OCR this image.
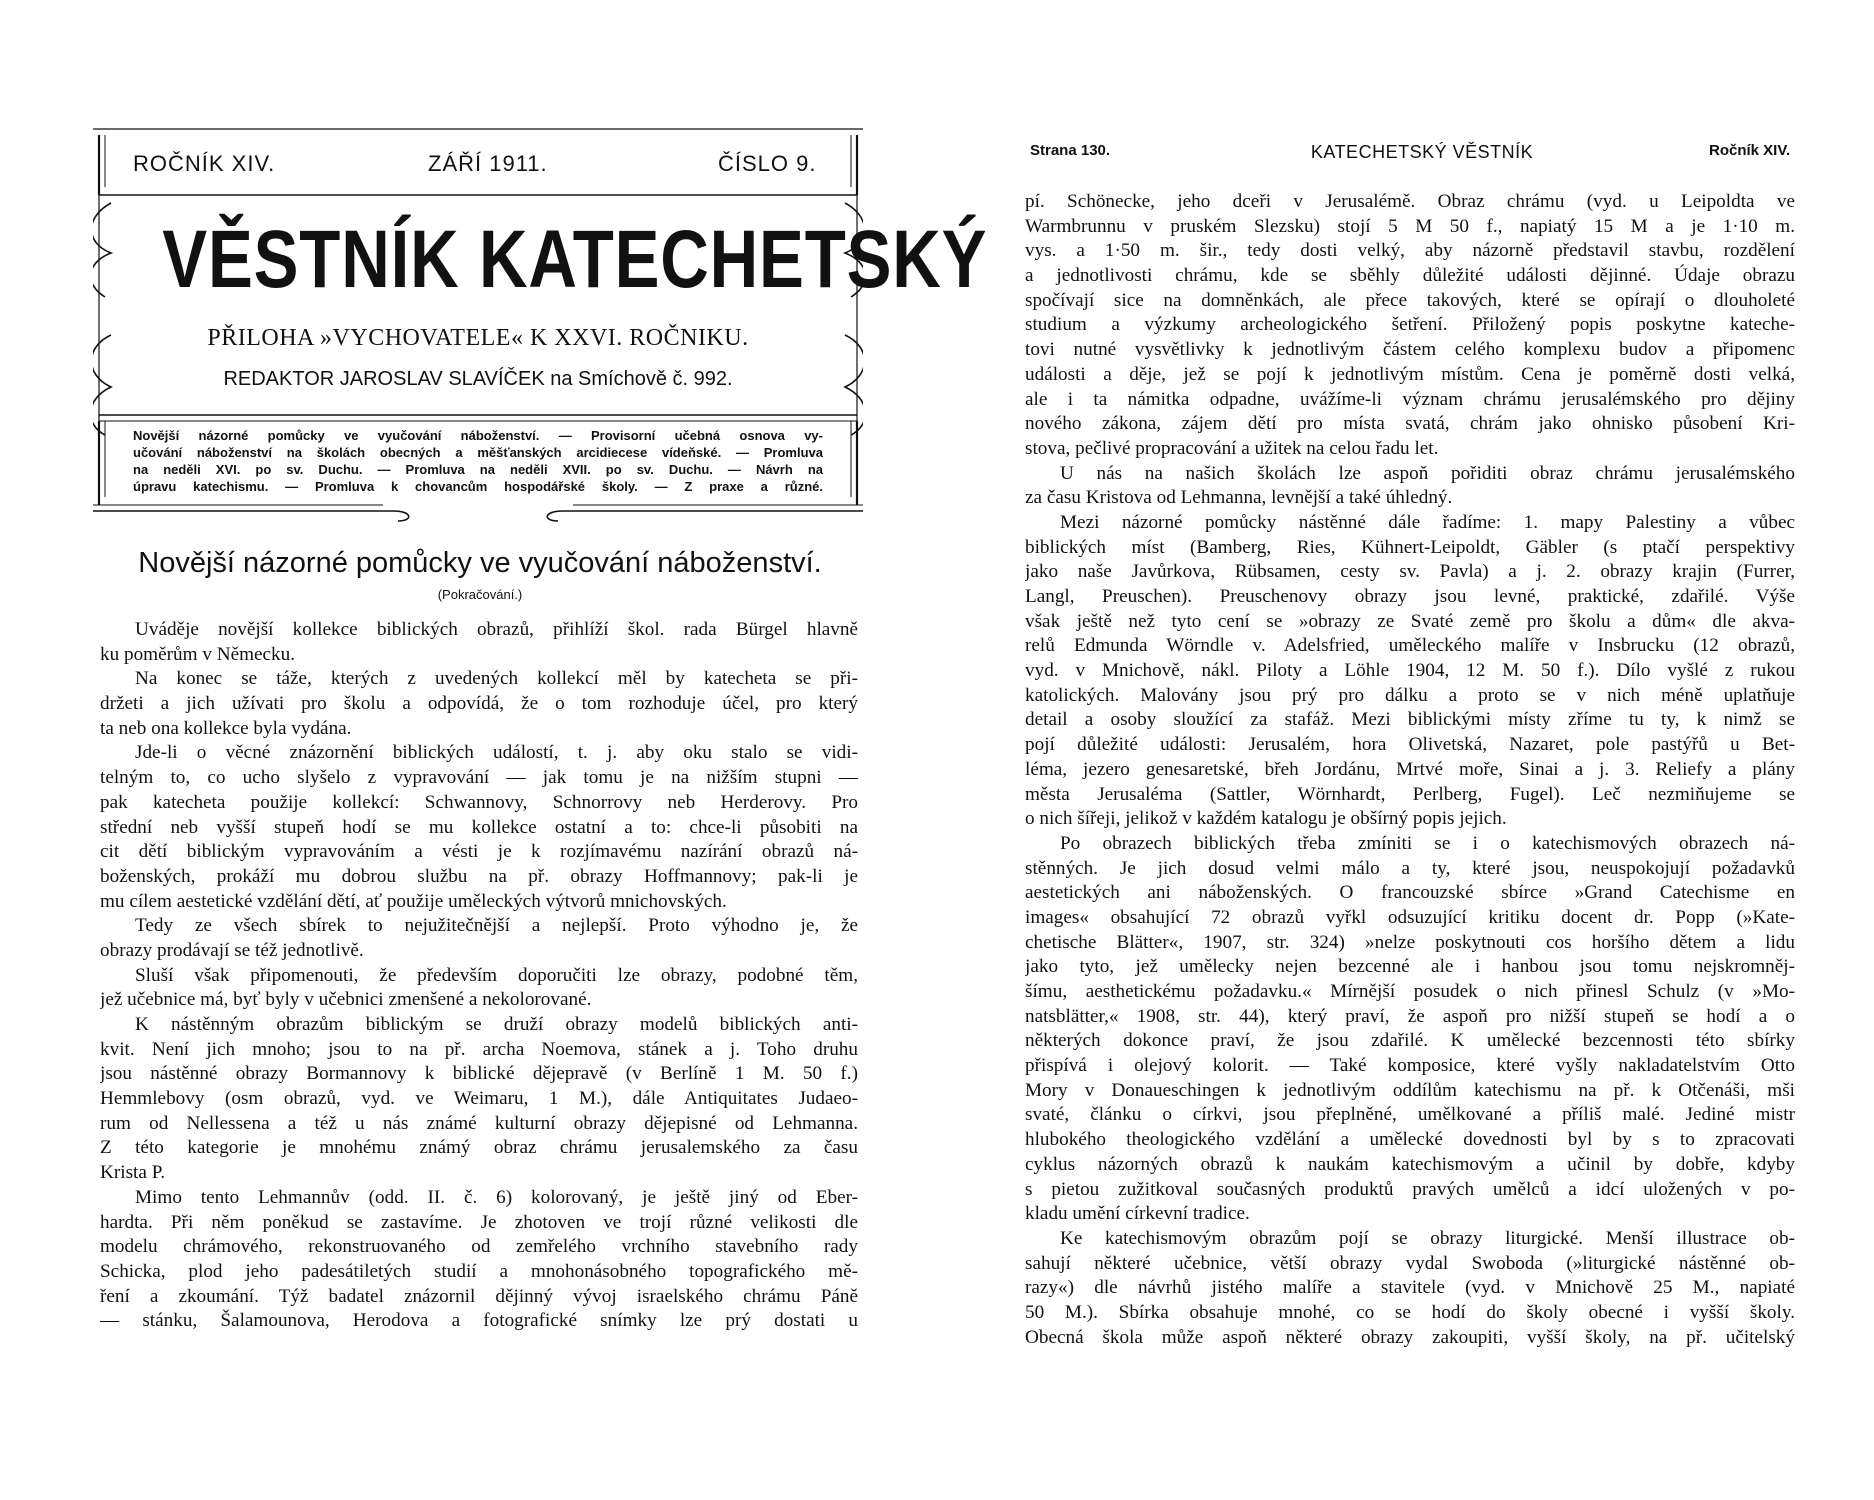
ROČNÍK XIV.	ZÁŘÍ 1911.	ČÍSLO 9.
VĚSTNÍK KATECHETSKÝ
PŘILOHA »VYCHOVATELE« K XXVI. ROČNIKU.
REDAKTOR JAROSLAV SLAVÍČEK na Smíchově č. 992.
Novější názorné pomůcky ve vyučování náboženství. — Provisorní učebná osnova vy-
učování náboženství na školách obecných a měšťanských arcidiecese vídeňské. — Promluva
na neděli XVI. po sv. Duchu. — Promluva na neděli XVII. po sv. Duchu. — Návrh na
úpravu katechismu. — Promluva k chovancům hospodářské školy. — Z praxe a různé.
Novější názorné pomůcky ve vyučování náboženství.
(Pokračování.)
Uváděje novější kollekce biblických obrazů, přihlíží škol. rada Bürgel hlavně
ku poměrům v Německu.
Na konec se táže, kterých z uvedených kollekcí měl by katecheta se při-
držeti a jich užívati pro školu a odpovídá, že o tom rozhoduje účel, pro který
ta neb ona kollekce byla vydána.
Jde-li o věcné znázornění biblických událostí, t. j. aby oku stalo se vidi-
telným to, co ucho slyšelo z vypravování — jak tomu je na nižším stupni —
pak katecheta použije kollekcí: Schwannovy, Schnorrovy neb Herderovy. Pro
střední neb vyšší stupeň hodí se mu kollekce ostatní a to: chce-li působiti na
cit dětí biblickým vypravováním a vésti je k rozjímavému nazírání obrazů ná-
boženských, prokáží mu dobrou službu na př. obrazy Hoffmannovy; pak-li je
mu cílem aestetické vzdělání dětí, ať použije uměleckých výtvorů mnichovských.
Tedy ze všech sbírek to nejužitečnější a nejlepší. Proto výhodno je, že
obrazy prodávají se též jednotlivě.
Sluší však připomenouti, že především doporučiti lze obrazy, podobné těm,
jež učebnice má, byť byly v učebnici zmenšené a nekolorované.
K nástěnným obrazům biblickým se druží obrazy modelů biblických anti-
kvit. Není jich mnoho; jsou to na př. archa Noemova, stánek a j. Toho druhu
jsou nástěnné obrazy Bormannovy k biblické dějepravě (v Berlíně 1 M. 50 f.)
Hemmlebovy (osm obrazů, vyd. ve Weimaru, 1 M.), dále Antiquitates Judaeo-
rum od Nellessena a též u nás známé kulturní obrazy dějepisné od Lehmanna.
Z této kategorie je mnohému známý obraz chrámu jerusalemského za času
Krista P.
Mimo tento Lehmannův (odd. II. č. 6) kolorovaný, je ještě jiný od Eber-
hardta. Při něm poněkud se zastavíme. Je zhotoven ve trojí různé velikosti dle
modelu chrámového, rekonstruovaného od zemřelého vrchního stavebního rady
Schicka, plod jeho padesátiletých studií a mnohonásobného topografického mě-
ření a zkoumání. Týž badatel znázornil dějinný vývoj israelského chrámu Páně
— stánku, Šalamounova, Herodova a fotografické snímky lze prý dostati u
Strana 130.	KATECHETSKÝ VĚSTNÍK	Ročník XIV.
pí. Schönecke, jeho dceři v Jerusalémě. Obraz chrámu (vyd. u Leipoldta ve
Warmbrunnu v pruském Slezsku) stojí 5 M 50 f., napiatý 15 M a je 1·10 m.
vys. a 1·50 m. šir., tedy dosti velký, aby názorně představil stavbu, rozdělení
a jednotlivosti chrámu, kde se sběhly důležité události dějinné. Údaje obrazu
spočívají sice na domněnkách, ale přece takových, které se opírají o dlouholeté
studium a výzkumy archeologického šetření. Přiložený popis poskytne kateche-
tovi nutné vysvětlivky k jednotlivým částem celého komplexu budov a připomenc
události a děje, jež se pojí k jednotlivým místům. Cena je poměrně dosti velká,
ale i ta námitka odpadne, uvážíme-li význam chrámu jerusalémského pro dějiny
nového zákona, zájem dětí pro místa svatá, chrám jako ohnisko působení Kri-
stova, pečlivé propracování a užitek na celou řadu let.
U nás na našich školách lze aspoň pořiditi obraz chrámu jerusalémského
za času Kristova od Lehmanna, levnější a také úhledný.
Mezi názorné pomůcky nástěnné dále řadíme: 1. mapy Palestiny a vůbec
biblických míst (Bamberg, Ries, Kühnert-Leipoldt, Gäbler (s ptačí perspektivy
jako naše Javůrkova, Rübsamen, cesty sv. Pavla) a j. 2. obrazy krajin (Furrer,
Langl, Preuschen). Preuschenovy obrazy jsou levné, praktické, zdařilé. Výše
však ještě než tyto cení se »obrazy ze Svaté země pro školu a dům« dle akva-
relů Edmunda Wörndle v. Adelsfried, uměleckého malíře v Insbrucku (12 obrazů,
vyd. v Mnichově, nákl. Piloty a Löhle 1904, 12 M. 50 f.). Dílo vyšlé z rukou
katolických. Malovány jsou prý pro dálku a proto se v nich méně uplatňuje
detail a osoby sloužící za stafáž. Mezi biblickými místy zříme tu ty, k nimž se
pojí důležité události: Jerusalém, hora Olivetská, Nazaret, pole pastýřů u Bet-
léma, jezero genesaretské, břeh Jordánu, Mrtvé moře, Sinai a j. 3. Reliefy a plány
města Jerusaléma (Sattler, Wörnhardt, Perlberg, Fugel). Leč nezmiňujeme se
o nich šířeji, jelikož v každém katalogu je obšírný popis jejich.
Po obrazech biblických třeba zmíniti se i o katechismových obrazech ná-
stěnných. Je jich dosud velmi málo a ty, které jsou, neuspokojují požadavků
aestetických ani náboženských. O francouzské sbírce »Grand Catechisme en
images« obsahující 72 obrazů vyřkl odsuzující kritiku docent dr. Popp (»Kate-
chetische Blätter«, 1907, str. 324) »nelze poskytnouti cos horšího dětem a lidu
jako tyto, jež umělecky nejen bezcenné ale i hanbou jsou tomu nejskromněj-
šímu, aesthetickému požadavku.« Mírnější posudek o nich přinesl Schulz (v »Mo-
natsblätter,« 1908, str. 44), který praví, že aspoň pro nižší stupeň se hodí a o
některých dokonce praví, že jsou zdařilé. K umělecké bezcennosti této sbírky
přispívá i olejový kolorit. — Také komposice, které vyšly nakladatelstvím Otto
Mory v Donaueschingen k jednotlivým oddílům katechismu na př. k Otčenáši, mši
svaté, článku o církvi, jsou přeplněné, umělkované a příliš malé. Jediné mistr
hlubokého theologického vzdělání a umělecké dovednosti byl by s to zpracovati
cyklus názorných obrazů k naukám katechismovým a učinil by dobře, kdyby
s pietou zužitkoval současných produktů pravých umělců a idcí uložených v po-
kladu umění církevní tradice.
Ke katechismovým obrazům pojí se obrazy liturgické. Menší illustrace ob-
sahují některé učebnice, větší obrazy vydal Swoboda (»liturgické nástěnné ob-
razy«) dle návrhů jistého malíře a stavitele (vyd. v Mnichově 25 M., napiaté
50 M.). Sbírka obsahuje mnohé, co se hodí do školy obecné i vyšší školy.
Obecná škola může aspoň některé obrazy zakoupiti, vyšší školy, na př. učitelský
